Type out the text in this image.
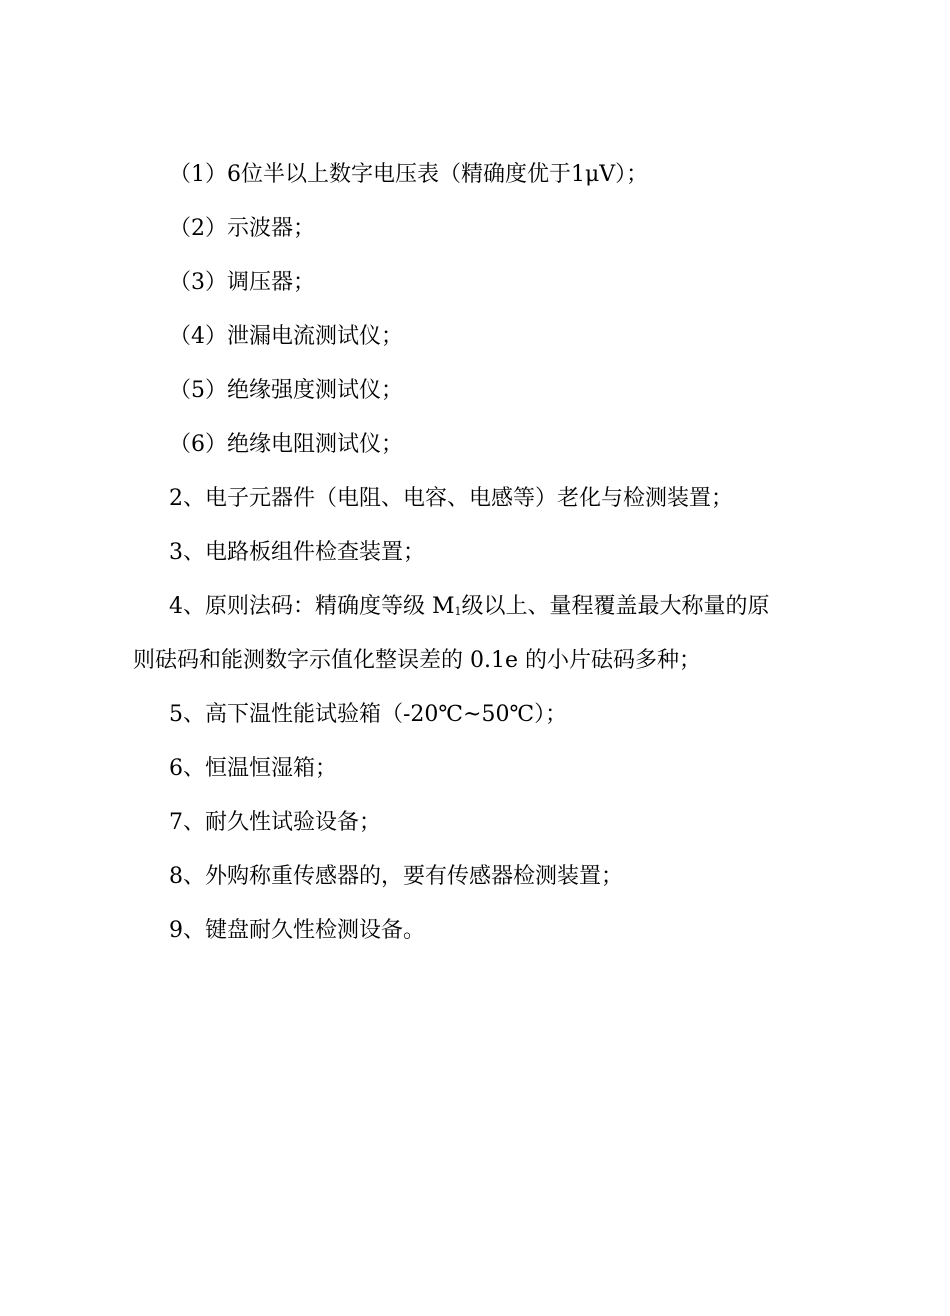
（1）6位半以上数字电压表（精确度优于1μV）；
（2）示波器；
（3）调压器；
（4）泄漏电流测试仪；
（5）绝缘强度测试仪；
（6）绝缘电阻测试仪；
2、电子元器件（电阻、电容、电感等）老化与检测装置；
3、电路板组件检查装置；
4、原则法码：精确度等级 $M_1$级以上、量程覆盖最大称量的原
则砝码和能测数字示值化整误差的 0.1e 的小片砝码多种；
5、高下温性能试验箱（-20℃~50℃）；
6、恒温恒湿箱；
7、耐久性试验设备；
8、外购称重传感器的，要有传感器检测装置；
9、键盘耐久性检测设备。
